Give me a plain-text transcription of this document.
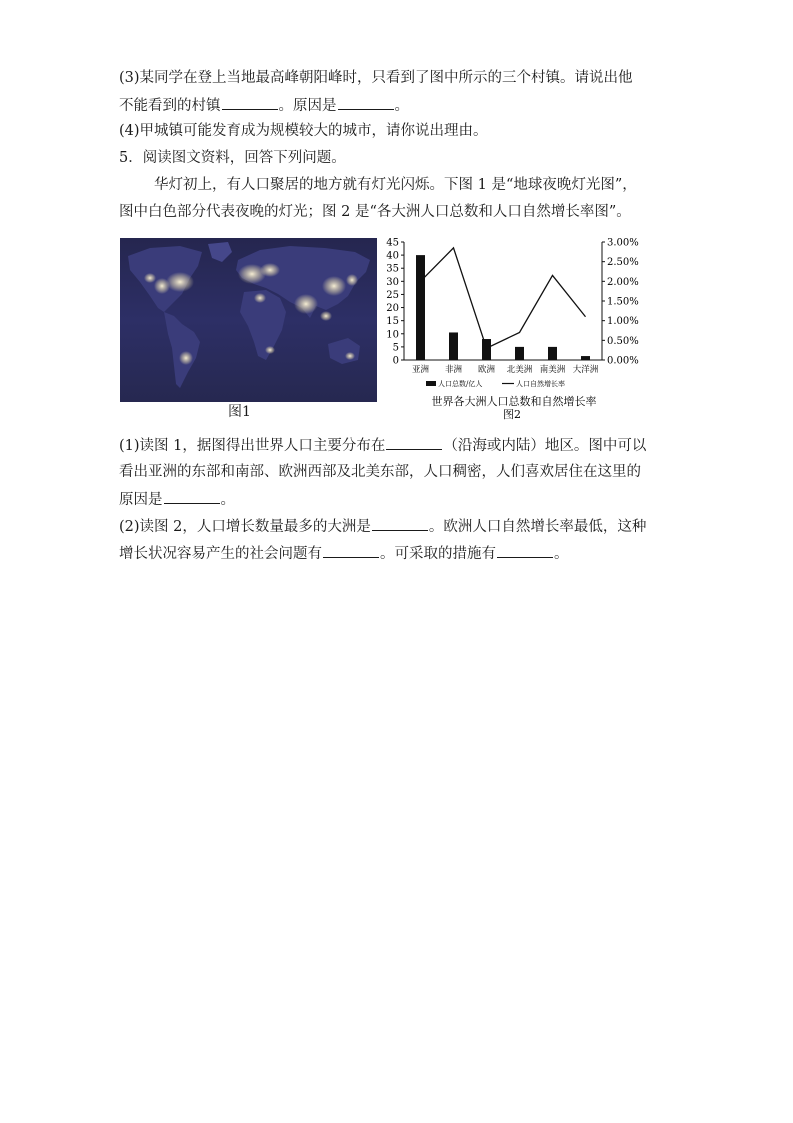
(3)某同学在登上当地最高峰朝阳峰时，只看到了图中所示的三个村镇。请说出他
不能看到的村镇	。原因是	。
(4)甲城镇可能发育成为规模较大的城市，请你说出理由。
5．阅读图文资料，回答下列问题。
华灯初上，有人口聚居的地方就有灯光闪烁。下图 1 是“地球夜晚灯光图”，
图中白色部分代表夜晚的灯光；图 2 是“各大洲人口总数和人口自然增长率图”。
图1
0
5
10
15
20
25
30
35
40
45
0.00%
0.50%
1.00%
1.50%
2.00%
2.50%
3.00%
亚洲 非洲 欧洲 北美洲 南美洲 大洋洲
人口总数/亿人	人口自然增长率
世界各大洲人口总数和自然增长率
图2
(1)读图 1，据图得出世界人口主要分布在	（沿海或内陆）地区。图中可以
看出亚洲的东部和南部、欧洲西部及北美东部，人口稠密，人们喜欢居住在这里的
原因是	。
(2)读图 2，人口增长数量最多的大洲是	。欧洲人口自然增长率最低，这种
增长状况容易产生的社会问题有	。可采取的措施有	。
